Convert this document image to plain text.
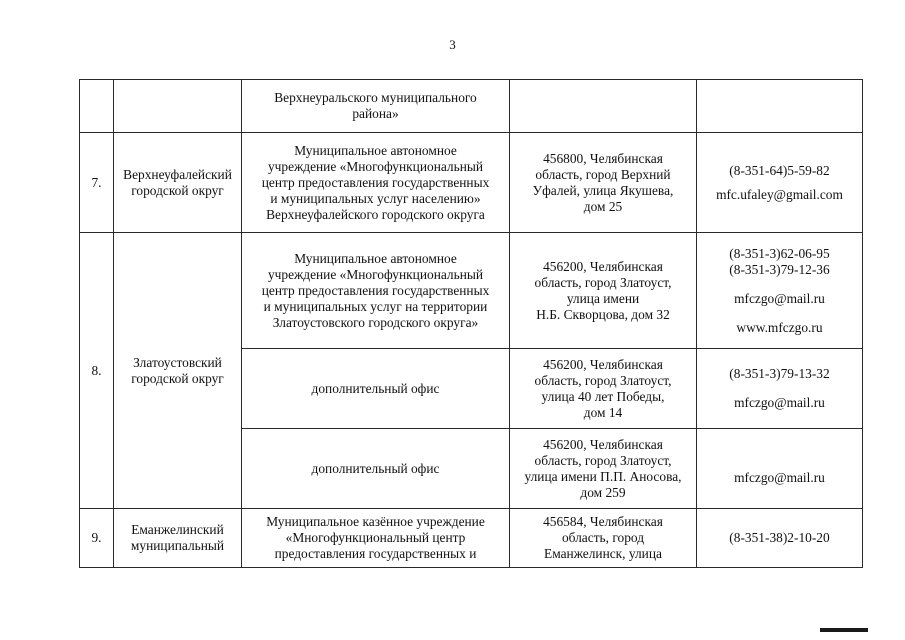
3

		Верхнеуральского муниципального
района»		

7.	Верхнеуфалейский
городской округ	Муниципальное автономное
учреждение «Многофункциональный
центр предоставления государственных
и муниципальных услуг населению»
Верхнеуфалейского городского округа	456800, Челябинская
область, город Верхний
Уфалей, улица Якушева,
дом 25	(8-351-64)5-59-82
mfc.ufaley@gmail.com

8.	Златоустовский
городской округ	Муниципальное автономное
учреждение «Многофункциональный
центр предоставления государственных
и муниципальных услуг на территории
Златоустовского городского округа»	456200, Челябинская
область, город Златоуст,
улица имени
Н.Б. Скворцова, дом 32	(8-351-3)62-06-95
(8-351-3)79-12-36
mfczgo@mail.ru
www.mfczgo.ru

		дополнительный офис	456200, Челябинская
область, город Златоуст,
улица 40 лет Победы,
дом 14	(8-351-3)79-13-32
mfczgo@mail.ru

		дополнительный офис	456200, Челябинская
область, город Златоуст,
улица имени П.П. Аносова,
дом 259	mfczgo@mail.ru

9.	Еманжелинский
муниципальный	Муниципальное казённое учреждение
«Многофункциональный центр
предоставления государственных и	456584, Челябинская
область, город
Еманжелинск, улица	(8-351-38)2-10-20
